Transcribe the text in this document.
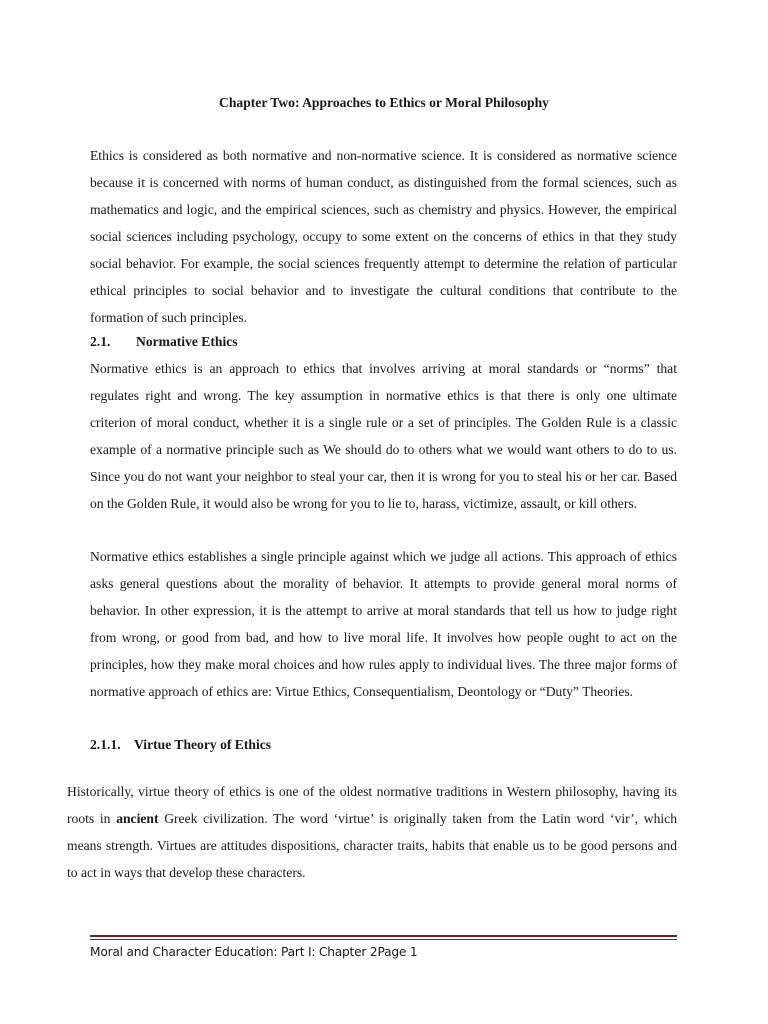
Chapter Two: Approaches to Ethics or Moral Philosophy

Ethics is considered as both normative and non-normative science. It is considered as normative science because it is concerned with norms of human conduct, as distinguished from the formal sciences, such as mathematics and logic, and the empirical sciences, such as chemistry and physics. However, the empirical social sciences including psychology, occupy to some extent on the concerns of ethics in that they study social behavior. For example, the social sciences frequently attempt to determine the relation of particular ethical principles to social behavior and to investigate the cultural conditions that contribute to the formation of such principles.

2.1. Normative Ethics

Normative ethics is an approach to ethics that involves arriving at moral standards or “norms” that regulates right and wrong. The key assumption in normative ethics is that there is only one ultimate criterion of moral conduct, whether it is a single rule or a set of principles. The Golden Rule is a classic example of a normative principle such as We should do to others what we would want others to do to us. Since you do not want your neighbor to steal your car, then it is wrong for you to steal his or her car. Based on the Golden Rule, it would also be wrong for you to lie to, harass, victimize, assault, or kill others.

Normative ethics establishes a single principle against which we judge all actions. This approach of ethics asks general questions about the morality of behavior. It attempts to provide general moral norms of behavior. In other expression, it is the attempt to arrive at moral standards that tell us how to judge right from wrong, or good from bad, and how to live moral life. It involves how people ought to act on the principles, how they make moral choices and how rules apply to individual lives. The three major forms of normative approach of ethics are: Virtue Ethics, Consequentialism, Deontology or “Duty” Theories.

2.1.1. Virtue Theory of Ethics

Historically, virtue theory of ethics is one of the oldest normative traditions in Western philosophy, having its roots in ancient Greek civilization. The word ‘virtue’ is originally taken from the Latin word ‘vir’, which means strength. Virtues are attitudes dispositions, character traits, habits that enable us to be good persons and to act in ways that develop these characters.

Moral and Character Education: Part I: Chapter 2Page 1
